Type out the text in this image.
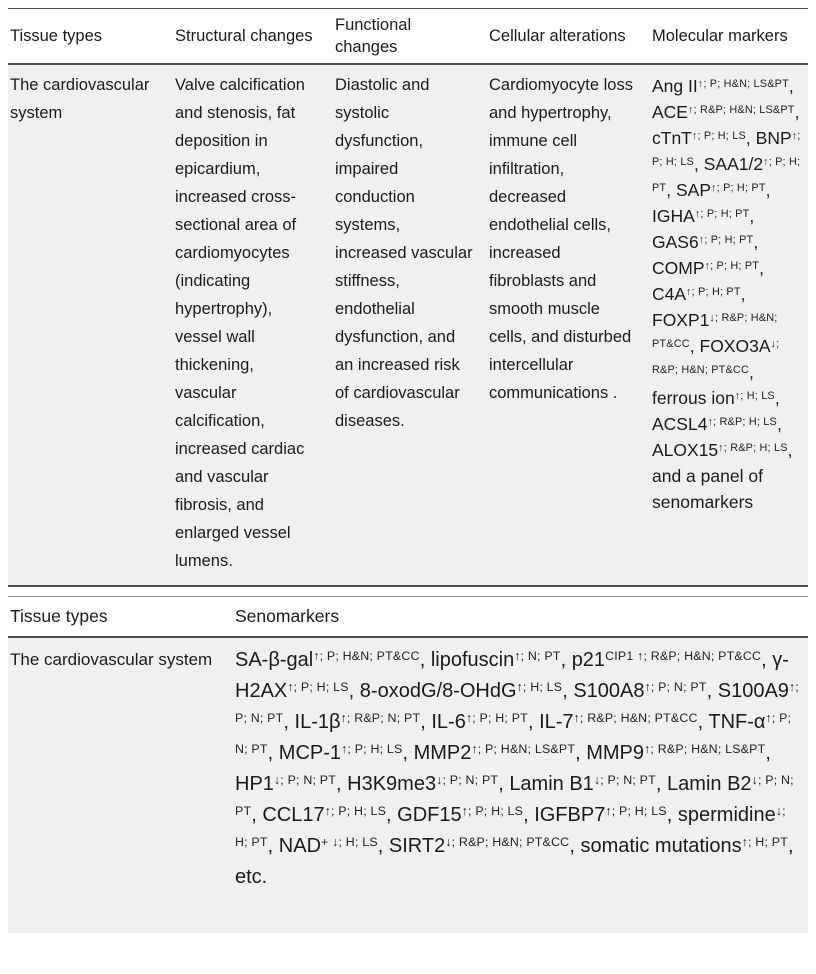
Tissue types	Structural changes	Functional changes	Cellular alterations	Molecular markers
The cardiovascular system	Valve calcification and stenosis, fat deposition in epicardium, increased cross-sectional area of cardiomyocytes (indicating hypertrophy), vessel wall thickening, vascular calcification, increased cardiac and vascular fibrosis, and enlarged vessel lumens.	Diastolic and systolic dysfunction, impaired conduction systems, increased vascular stiffness, endothelial dysfunction, and an increased risk of cardiovascular diseases.	Cardiomyocyte loss and hypertrophy, immune cell infiltration, decreased endothelial cells, increased fibroblasts and smooth muscle cells, and disturbed intercellular communications .	Ang $II^{↑; P; H\&N; LS\&PT}$, $ACE^{↑; R\&P; H\&N; LS\&PT}$, cTnT$^{↑; P; H; LS}$, $BNP^{↑; P; H; LS}$, $SAA1/2^{↑; P; H; PT}$, $SAP^{↑; P; H; PT}$, $IGHA^{↑; P; H; PT}$, $GAS6^{↑; P; H; PT}$, $COMP^{↑; P; H; PT}$, $C4A^{↑; P; H; PT}$, $FOXP1^{↓; R\&P; H\&N; PT\&CC}$, $FOXO3A^{↓; R\&P; H\&N; PT\&CC}$, ferrous ion$^{↑; H; LS}$, $ACSL4^{↑; R\&P; H; LS}$, $ALOX15^{↑; R\&P; H; LS}$, and a panel of senomarkers
Tissue types	Senomarkers
The cardiovascular system	SA-β-gal$^{↑; P; H\&N; PT\&CC}$, lipofuscin$^{↑; N; PT}$, $p21^{CIP1 ↑; R\&P; H\&N; PT\&CC}$, $\gamma-H2AX^{↑; P; H; LS}$, 8-oxodG/8-OHdG$^{↑; H; LS}$, $S100A8^{↑; P; N; PT}$, $S100A9^{↑; P; N; PT}$, $IL-1\beta^{↑; R\&P; N; PT}$, $IL-6^{↑; P; H; PT}$, $IL-7^{↑; R\&P; H\&N; PT\&CC}$, TNF-$\alpha^{↑; P; N; PT}$, MCP-$1^{↑; P; H; LS}$, $MMP2^{↑; P; H\&N; LS\&PT}$, $MMP9^{↑; R\&P; H\&N; LS\&PT}$, $HP1^{↓; P; N; PT}$, $H3K9me3^{↓; P; N; PT}$, Lamin $B1^{↓; P; N; PT}$, Lamin $B2^{↓; P; N; PT}$, $CCL17^{↑; P; H; LS}$, $GDF15^{↑; P; H; LS}$, $IGFBP7^{↑; P; H; LS}$, spermidine$^{↓; H; PT}$, $NAD^{+ ↓; H; LS}$, $SIRT2^{↓; R\&P; H\&N; PT\&CC}$, somatic mutations$^{↑; H; PT}$, etc.
